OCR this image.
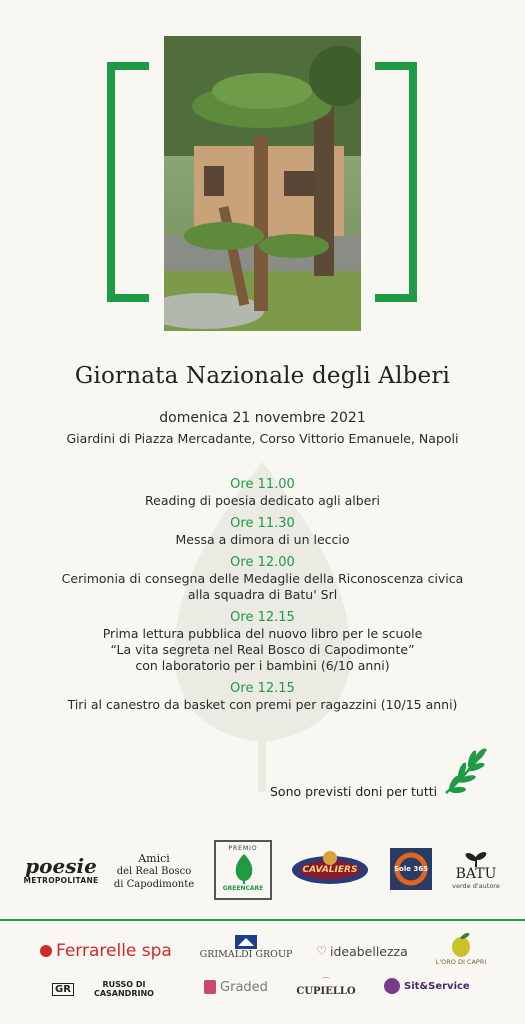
Giornata Nazionale degli Alberi
domenica 21 novembre 2021
Giardini di Piazza Mercadante, Corso Vittorio Emanuele, Napoli
Ore 11.00
Reading di poesia dedicato agli alberi
Ore 11.30
Messa a dimora di un leccio
Ore 12.00
Cerimonia di consegna delle Medaglie della Riconoscenza civica
alla squadra di Batu' Srl
Ore 12.15
Prima lettura pubblica del nuovo libro per le scuole
“La vita segreta nel Real Bosco di Capodimonte”
con laboratorio per i bambini (6/10 anni)
Ore 12.15
Tiri al canestro da basket con premi per ragazzini (10/15 anni)
Sono previsti doni per tutti
poesie
METROPOLITANE
Amici
del Real Bosco
di Capodimonte
PREMIO
GREENCARE
CAVALIERS	Sole 365 BATU
verde d'autore
Ferrarelle spa	GRIMALDI GROUP ♡ ideabellezza
L'ORO DI CAPRI
GR	RUSSO DI CASANDRINO	Graded	⌒
CUPIELLO	Sit&Service
